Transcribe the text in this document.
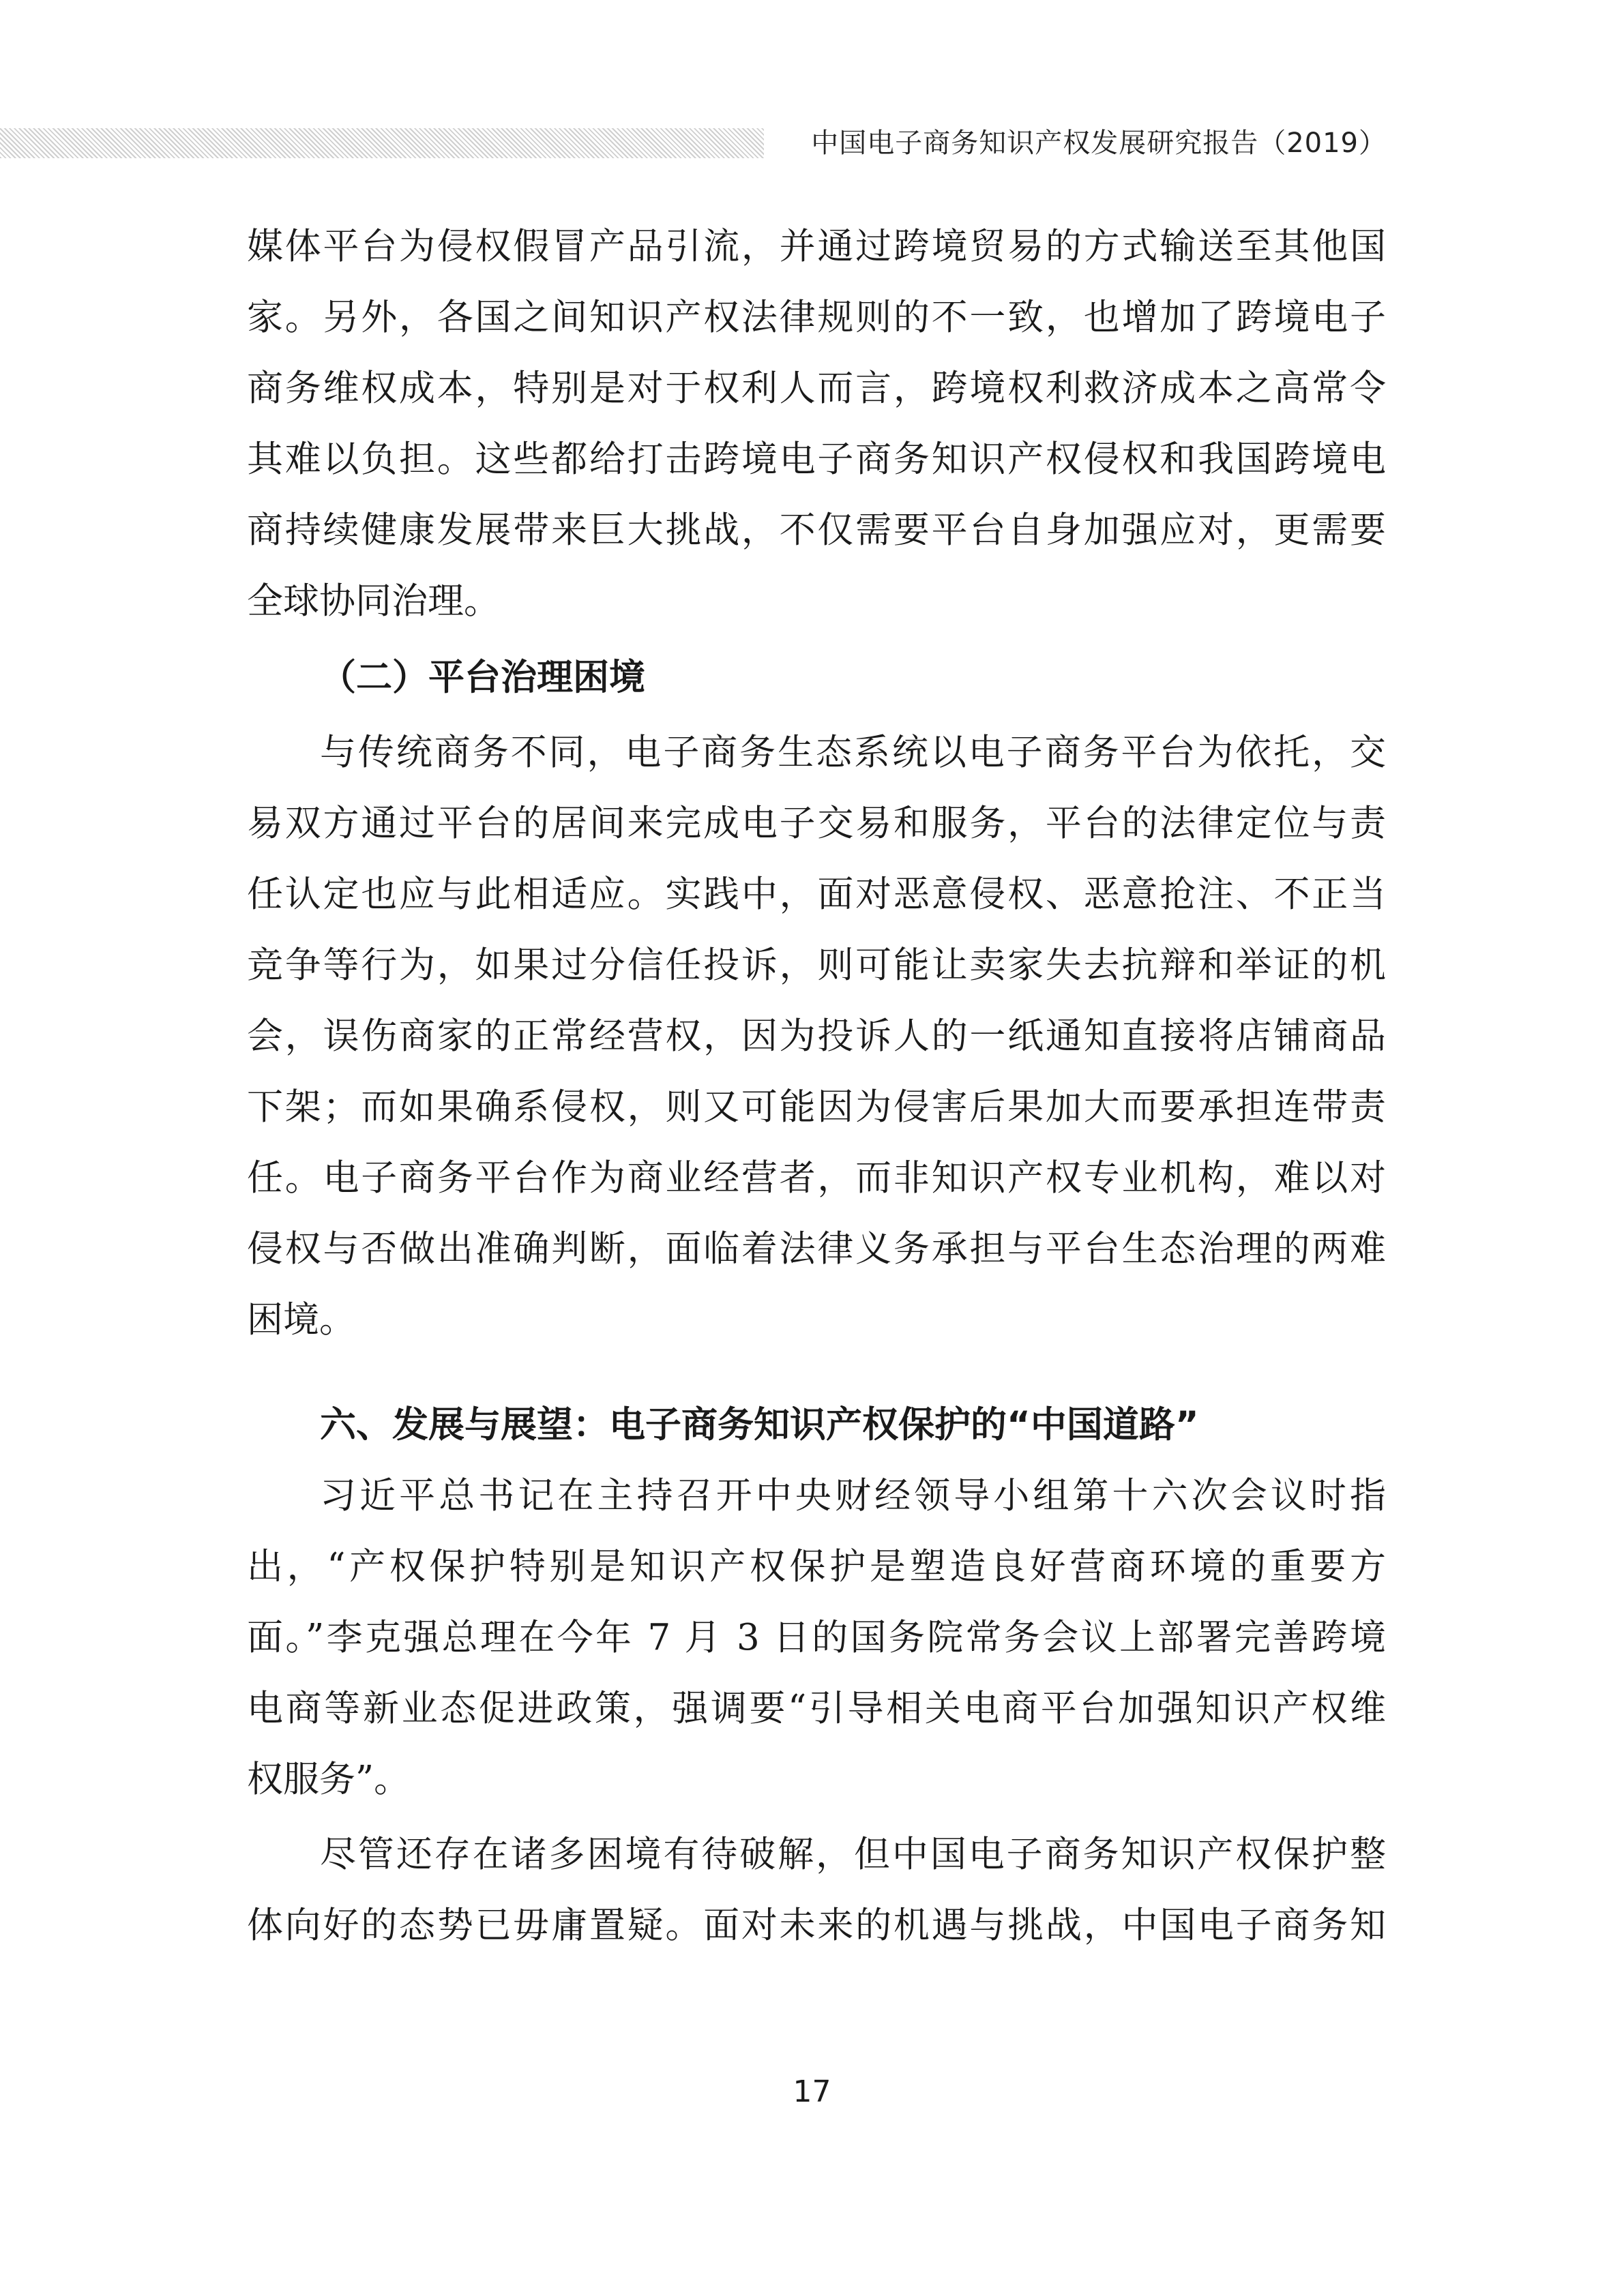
中国电子商务知识产权发展研究报告（2019）
媒体平台为侵权假冒产品引流，并通过跨境贸易的方式输送至其他国
家。另外，各国之间知识产权法律规则的不一致，也增加了跨境电子
商务维权成本，特别是对于权利人而言，跨境权利救济成本之高常令
其难以负担。这些都给打击跨境电子商务知识产权侵权和我国跨境电
商持续健康发展带来巨大挑战，不仅需要平台自身加强应对，更需要
全球协同治理。
（二）平台治理困境
与传统商务不同，电子商务生态系统以电子商务平台为依托，交
易双方通过平台的居间来完成电子交易和服务，平台的法律定位与责
任认定也应与此相适应。实践中，面对恶意侵权、恶意抢注、不正当
竞争等行为，如果过分信任投诉，则可能让卖家失去抗辩和举证的机
会，误伤商家的正常经营权，因为投诉人的一纸通知直接将店铺商品
下架；而如果确系侵权，则又可能因为侵害后果加大而要承担连带责
任。电子商务平台作为商业经营者，而非知识产权专业机构，难以对
侵权与否做出准确判断，面临着法律义务承担与平台生态治理的两难
困境。
六、发展与展望：电子商务知识产权保护的“中国道路”
习近平总书记在主持召开中央财经领导小组第十六次会议时指
出，“产权保护特别是知识产权保护是塑造良好营商环境的重要方
面。”李克强总理在今年 7 月 3 日的国务院常务会议上部署完善跨境
电商等新业态促进政策，强调要“引导相关电商平台加强知识产权维
权服务”。
尽管还存在诸多困境有待破解，但中国电子商务知识产权保护整
体向好的态势已毋庸置疑。面对未来的机遇与挑战，中国电子商务知
17
